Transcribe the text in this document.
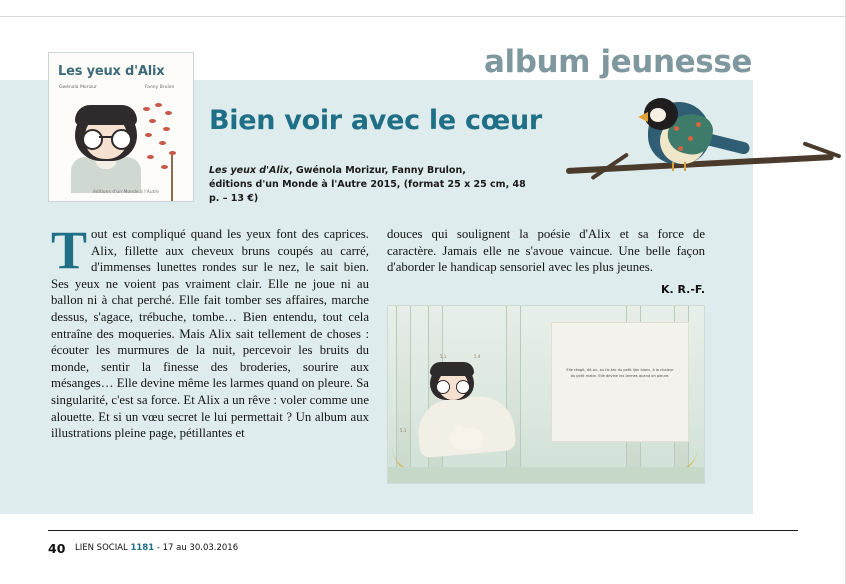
album jeunesse
Les yeux d'Alix
Gwénola Morizur	Fanny Brulon
éditions d'un Monde à l'Autre
Bien voir avec le cœur
Les yeux d'Alix, Gwénola Morizur, Fanny Brulon,
éditions d'un Monde à l'Autre 2015, (format 25 x 25 cm, 48 p. – 13 €)
Tout est compliqué quand les yeux font des caprices. Alix, fillette aux cheveux bruns coupés au carré, d'immenses lunettes rondes sur le nez, le sait bien. Ses yeux ne voient pas vraiment clair. Elle ne joue ni au ballon ni à chat perché. Elle fait tomber ses affaires, marche dessus, s'agace, trébuche, tombe… Bien entendu, tout cela entraîne des moqueries. Mais Alix sait tellement de choses : écouter les murmures de la nuit, percevoir les bruits du monde, sentir la finesse des broderies, sourire aux mésanges… Elle devine même les larmes quand on pleure. Sa singularité, c'est sa force. Et Alix a un rêve : voler comme une alouette. Et si un vœu secret le lui permettait ? Un album aux illustrations pleine page, pétillantes et
douces qui soulignent la poésie d'Alix et sa force de caractère. Jamais elle ne s'avoue vaincue. Une belle façon d'aborder le handicap sensoriel avec les plus jeunes.
K. R.-F.
Elle réagit, dit-on, au tic-tac du petit ljan blanc, à la chaleur du petit matin. Elle devine les larmes quand on pleure.
5.1	5.4
5.1
40 LIEN SOCIAL 1181 - 17 au 30.03.2016
